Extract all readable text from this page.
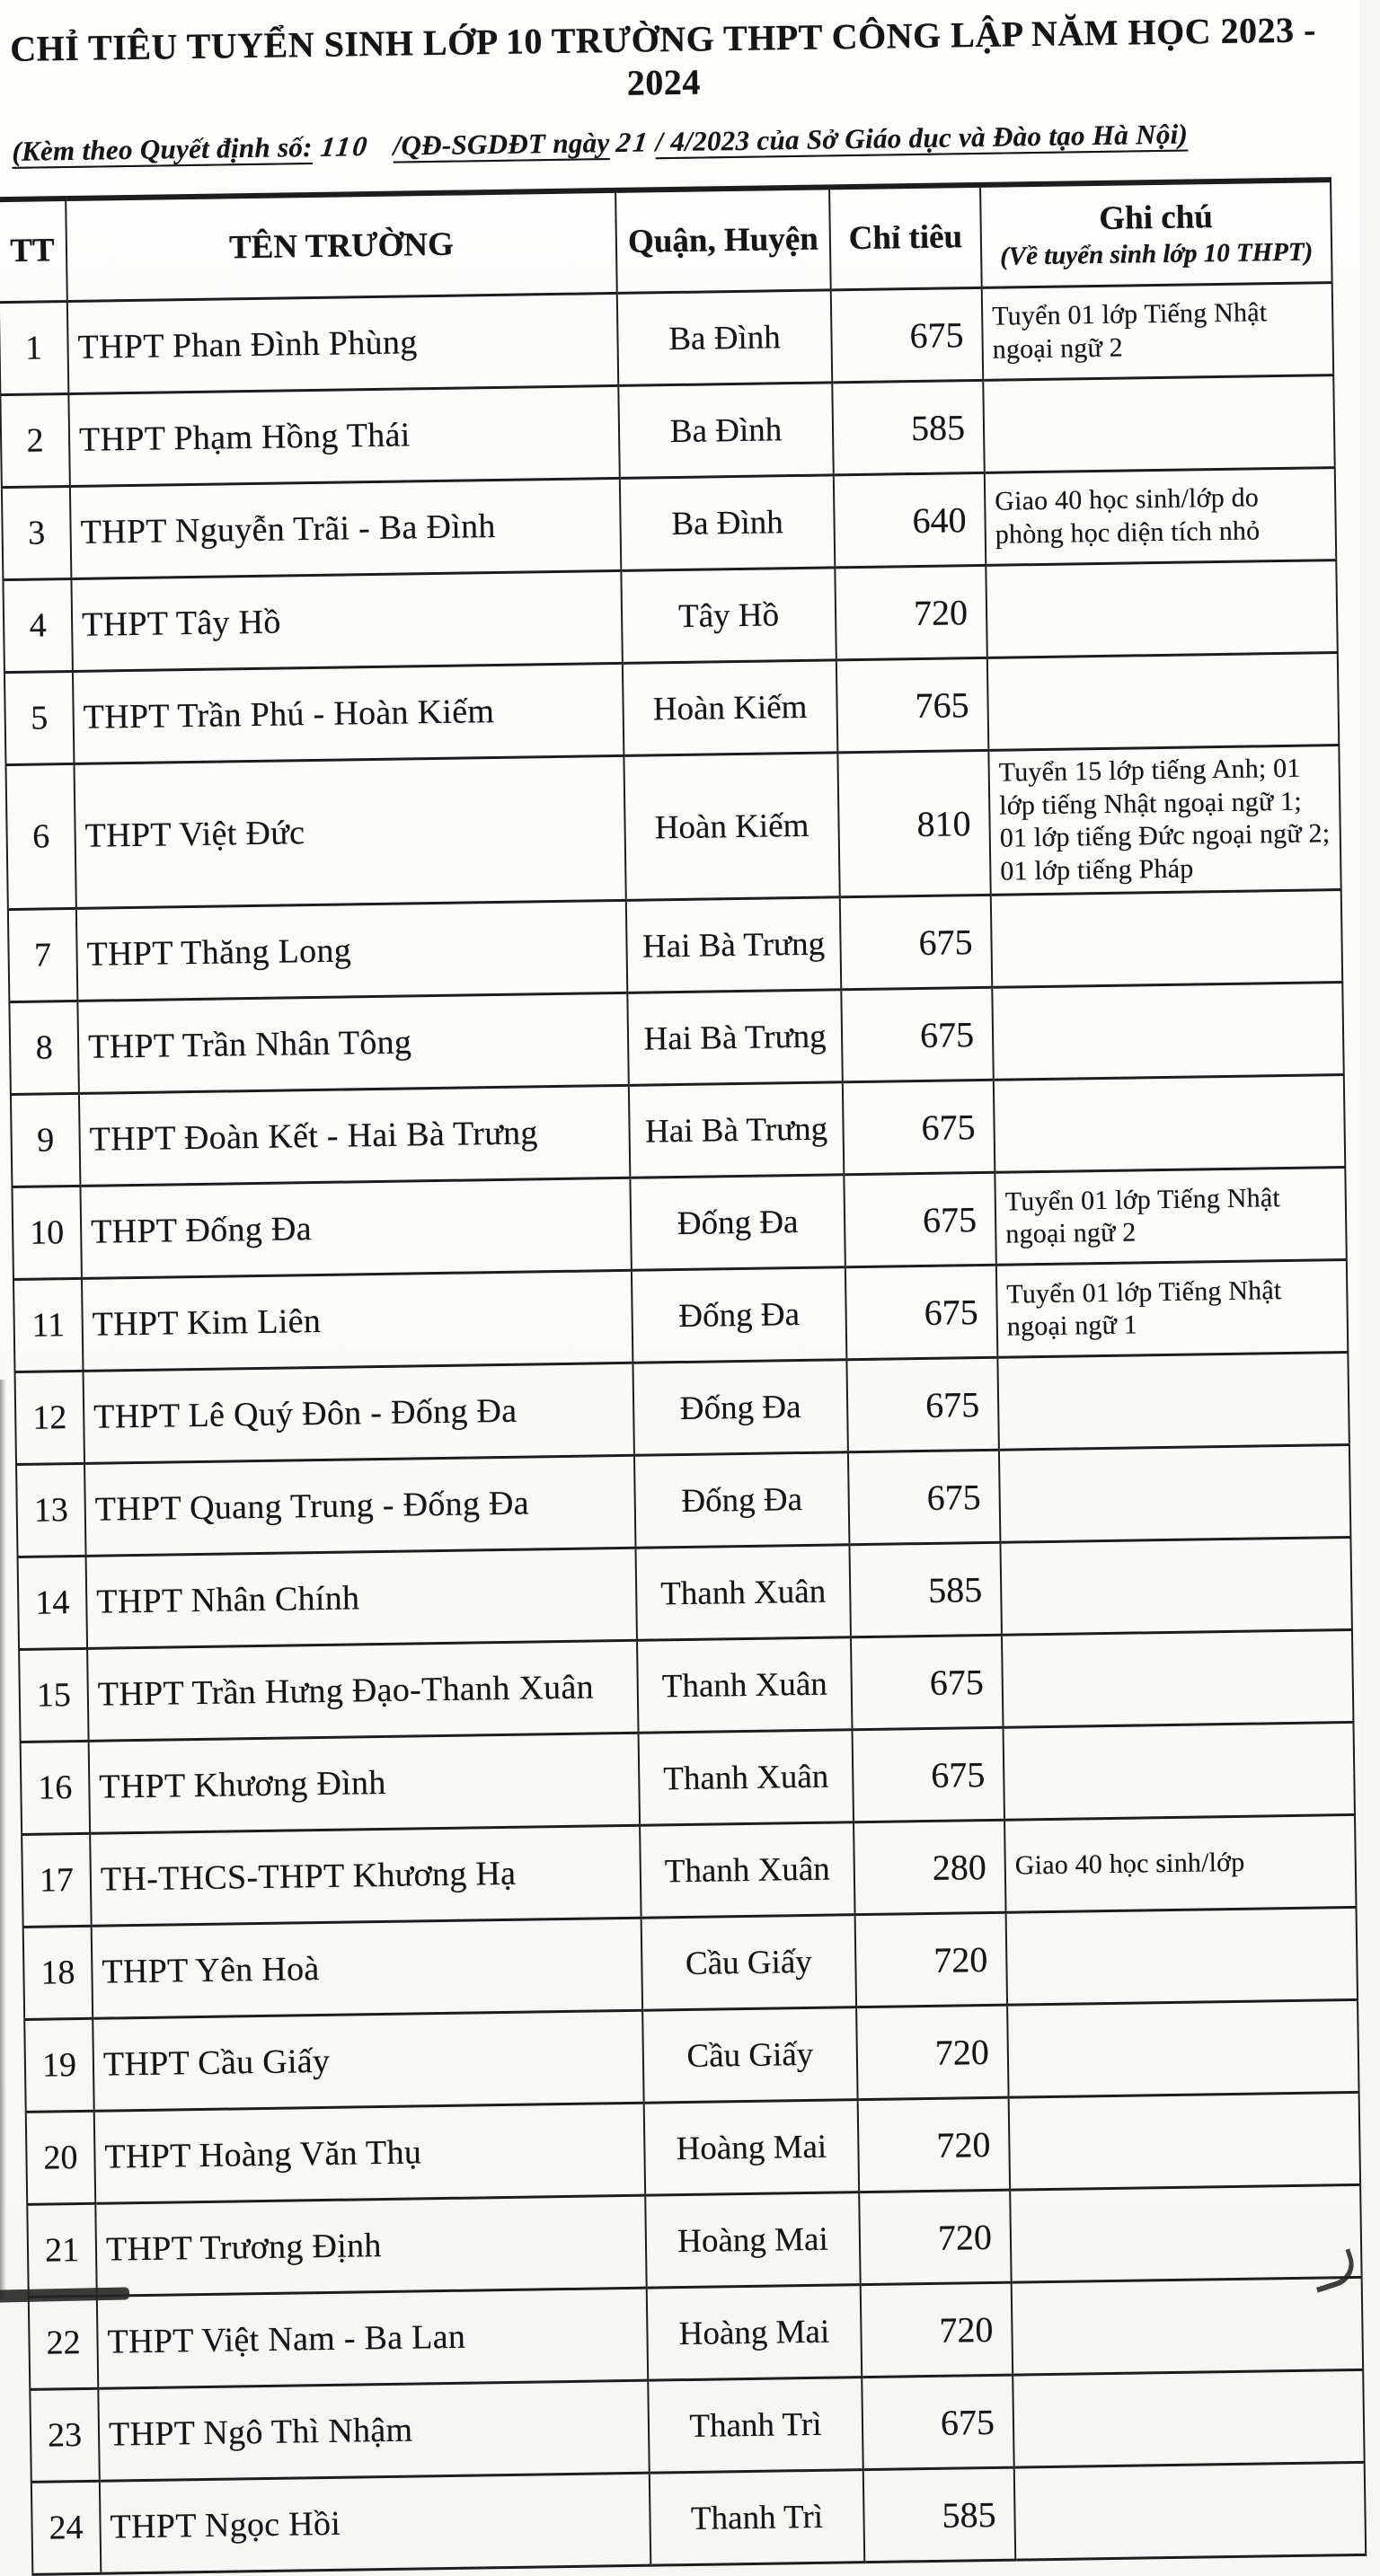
CHỈ TIÊU TUYỂN SINH LỚP 10 TRƯỜNG THPT CÔNG LẬP NĂM HỌC 2023 - 2024
(Kèm theo Quyết định số: 110 /QĐ-SGDĐT ngày 21 / 4/2023 của Sở Giáo dục và Đào tạo Hà Nội)
TT	TÊN TRƯỜNG	Quận, Huyện	Chỉ tiêu	Ghi chú
(Về tuyển sinh lớp 10 THPT)

1	THPT Phan Đình Phùng	Ba Đình	675	Tuyển 01 lớp Tiếng Nhật ngoại ngữ 2
2	THPT Phạm Hồng Thái	Ba Đình	585	
3	THPT Nguyễn Trãi - Ba Đình	Ba Đình	640	Giao 40 học sinh/lớp do phòng học diện tích nhỏ
4	THPT Tây Hồ	Tây Hồ	720	
5	THPT Trần Phú - Hoàn Kiếm	Hoàn Kiếm	765	
6	THPT Việt Đức	Hoàn Kiếm	810	Tuyển 15 lớp tiếng Anh; 01 lớp tiếng Nhật ngoại ngữ 1; 01 lớp tiếng Đức ngoại ngữ 2; 01 lớp tiếng Pháp
7	THPT Thăng Long	Hai Bà Trưng	675	
8	THPT Trần Nhân Tông	Hai Bà Trưng	675	
9	THPT Đoàn Kết - Hai Bà Trưng	Hai Bà Trưng	675	
10	THPT Đống Đa	Đống Đa	675	Tuyển 01 lớp Tiếng Nhật ngoại ngữ 2
11	THPT Kim Liên	Đống Đa	675	Tuyển 01 lớp Tiếng Nhật ngoại ngữ 1
12	THPT Lê Quý Đôn - Đống Đa	Đống Đa	675	
13	THPT Quang Trung - Đống Đa	Đống Đa	675	
14	THPT Nhân Chính	Thanh Xuân	585	
15	THPT Trần Hưng Đạo-Thanh Xuân	Thanh Xuân	675	
16	THPT Khương Đình	Thanh Xuân	675	
17	TH-THCS-THPT Khương Hạ	Thanh Xuân	280	Giao 40 học sinh/lớp
18	THPT Yên Hoà	Cầu Giấy	720	
19	THPT Cầu Giấy	Cầu Giấy	720	
20	THPT Hoàng Văn Thụ	Hoàng Mai	720	
21	THPT Trương Định	Hoàng Mai	720	
22	THPT Việt Nam - Ba Lan	Hoàng Mai	720	
23	THPT Ngô Thì Nhậm	Thanh Trì	675	
24	THPT Ngọc Hồi	Thanh Trì	585	
